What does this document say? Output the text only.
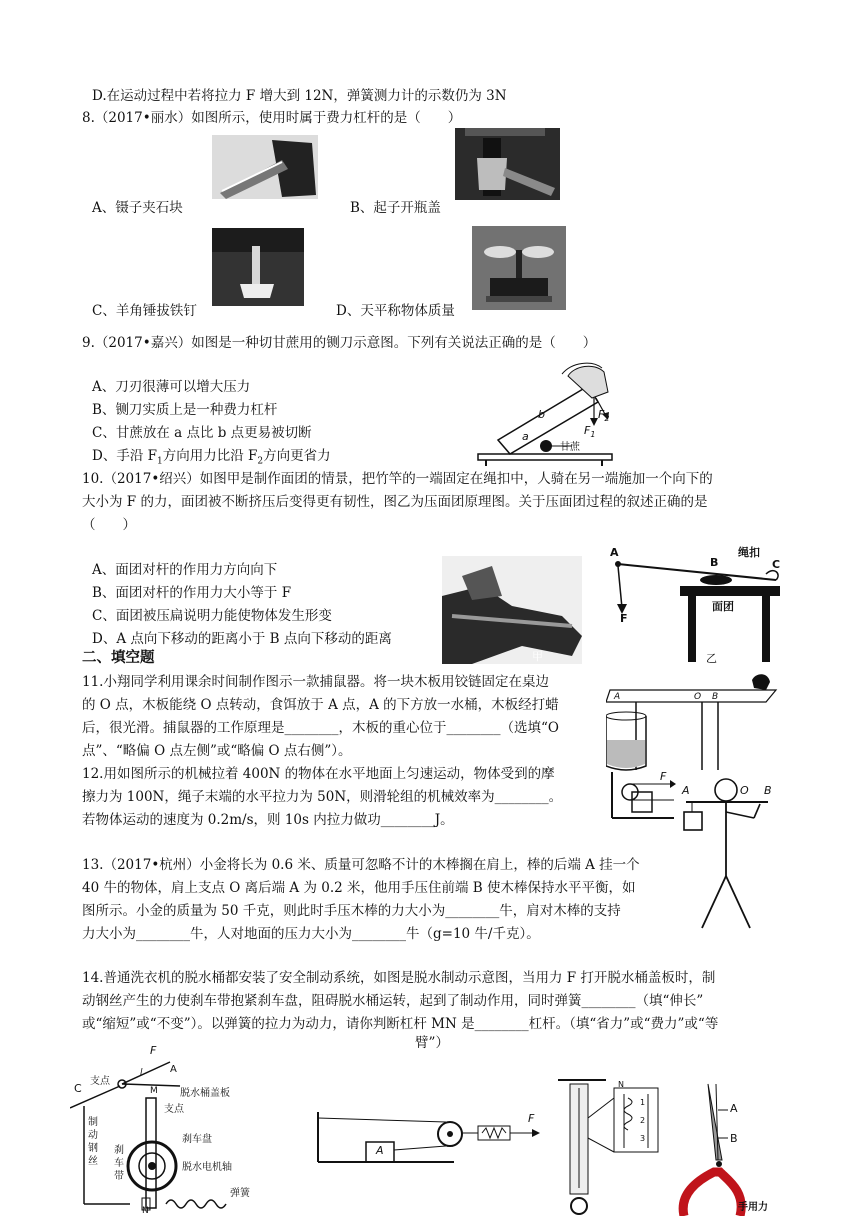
D.在运动过程中若将拉力 F 增大到 12N，弹簧测力计的示数仍为 3N
8.（2017•丽水）如图所示，使用时属于费力杠杆的是（　　）
A、镊子夹石块	B、起子开瓶盖
C、羊角锤拔铁钉	D、天平称物体质量
9.（2017•嘉兴）如图是一种切甘蔗用的铡刀示意图。下列有关说法正确的是（　　）
A、刀刃很薄可以增大压力
B、铡刀实质上是一种费力杠杆
C、甘蔗放在 a 点比 b 点更易被切断
D、手沿 $F_1$方向用力比沿 $F_2$方向更省力
a
b
$F_1$
$F_2$
甘蔗
10.（2017•绍兴）如图甲是制作面团的情景，把竹竿的一端固定在绳扣中，人骑在另一端施加一个向下的
大小为 F 的力，面团被不断挤压后变得更有韧性，图乙为压面团原理图。关于压面团过程的叙述正确的是
（　　）
A、面团对杆的作用力方向向下
B、面团对杆的作用力大小等于 F
C、面团被压扁说明力能使物体发生形变
D、A 点向下移动的距离小于 B 点向下移动的距离
甲
A
B	C
F
绳扣
面团
乙
二、填空题
11.小翔同学利用课余时间制作图示一款捕鼠器。将一块木板用铰链固定在桌边
的 O 点，木板能绕 O 点转动，食饵放于 A 点，A 的下方放一水桶，木板经打蜡
后，很光滑。捕鼠器的工作原理是________，木板的重心位于________（选填“O
点”、“略偏 O 点左侧”或“略偏 O 点右侧”）。
A	O B
12.用如图所示的机械拉着 400N 的物体在水平地面上匀速运动，物体受到的摩
擦力为 100N，绳子末端的水平拉力为 50N，则滑轮组的机械效率为________。
若物体运动的速度为 0.2m/s，则 10s 内拉力做功________J。
F
A	O B
13.（2017•杭州）小金将长为 0.6 米、质量可忽略不计的木棒搁在肩上，棒的后端 A 挂一个
40 牛的物体，肩上支点 O 离后端 A 为 0.2 米，他用手压住前端 B 使木棒保持水平平衡，如
图所示。小金的质量为 50 千克，则此时手压木棒的力大小为________牛，肩对木棒的支持
力大小为________牛，人对地面的压力大小为________牛（g=10 牛/千克）。
14.普通洗衣机的脱水桶都安装了安全制动系统，如图是脱水制动示意图，当用力 F 打开脱水桶盖板时，制
动钢丝产生的力使刹车带抱紧刹车盘，阻碍脱水桶运转，起到了制动作用，同时弹簧________（填“伸长”
或“缩短”或“不变”）。以弹簧的拉力为动力，请你判断杠杆 MN 是________杠杆。（填“省力”或“费力”或“等
臂”）
支点
脱水桶盖板
支点
刹车盘
脱水电机轴
弹簧
制动钢丝
刹车带
F
A
C	M
N
l
A
F
N
1
2
3
A
B
手用力
